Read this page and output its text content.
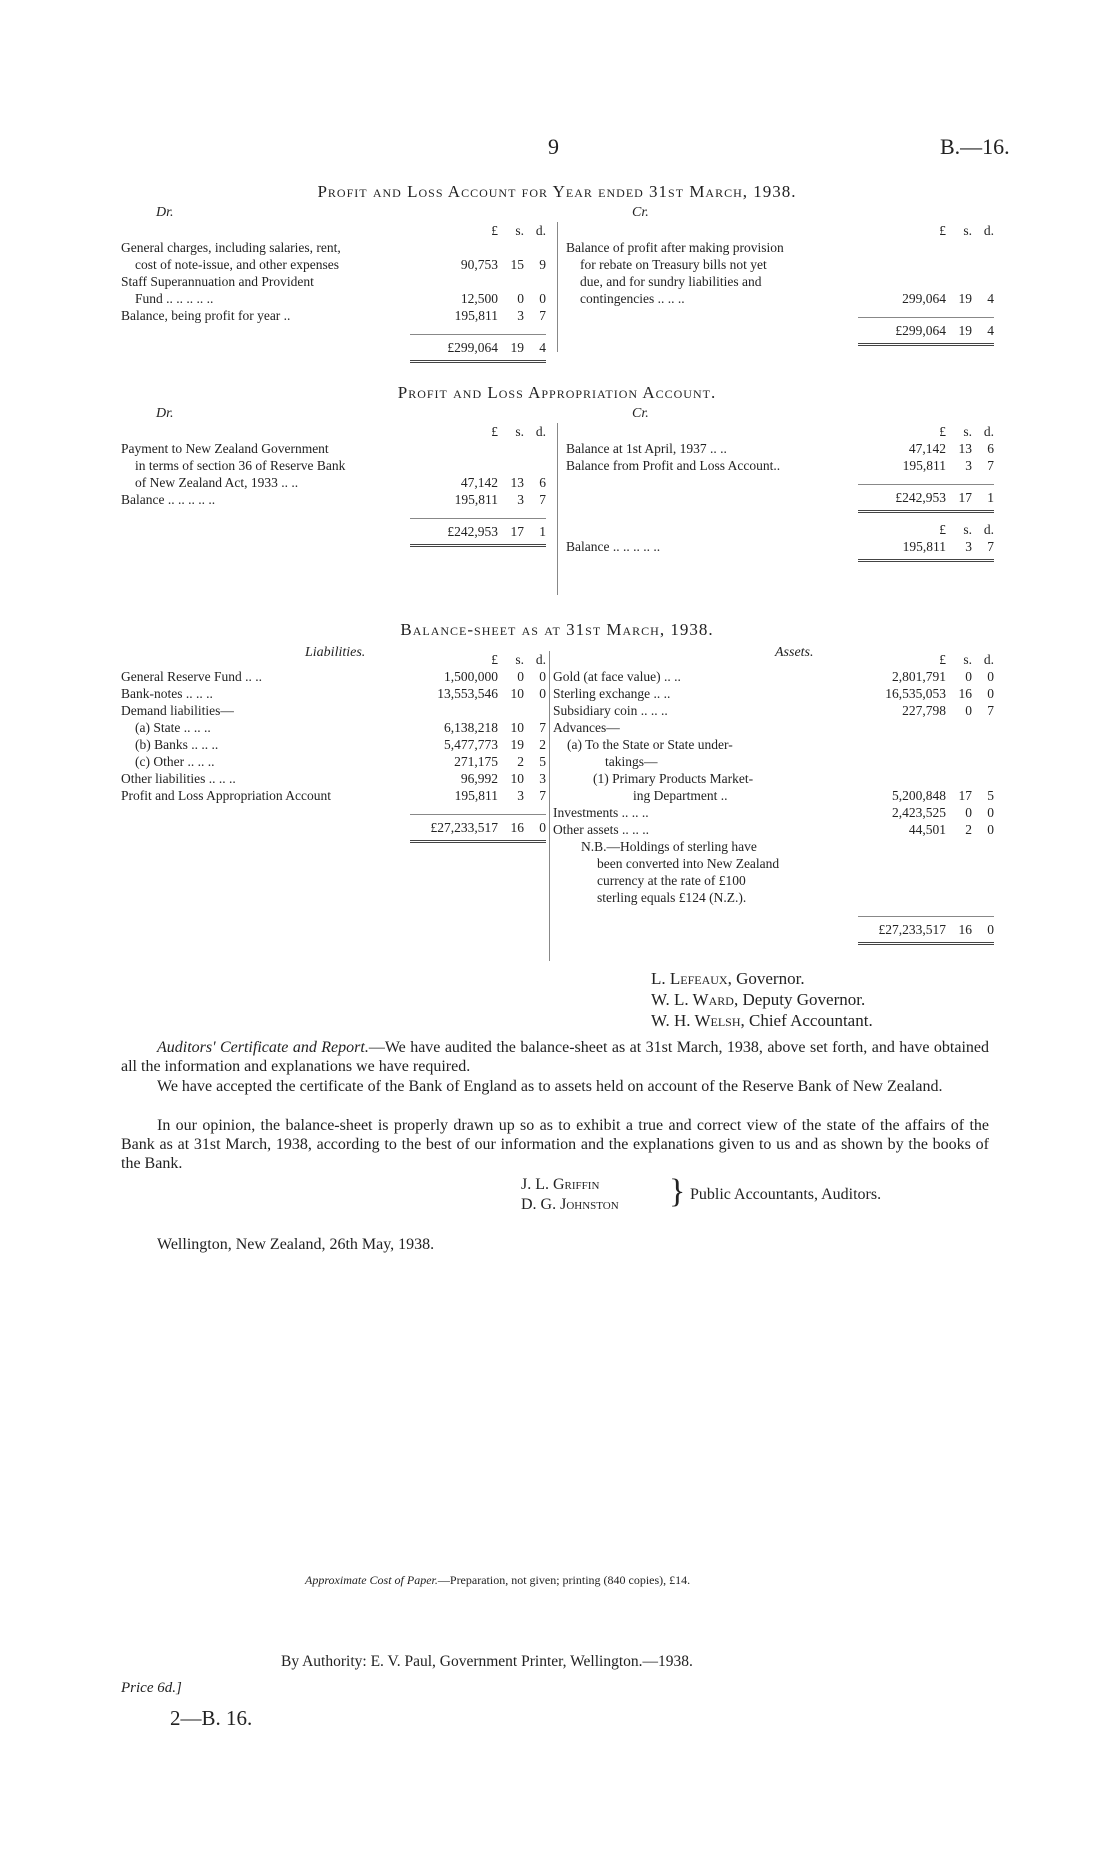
9	B.—16.
Profit and Loss Account for Year ended 31st March, 1938.
Dr.	Cr.
	£	s.	d.
General charges, including salaries, rent,			
cost of note-issue, and other expenses	90,753	15	9
Staff Superannuation and Provident			
Fund .. .. .. .. ..	12,500	0	0
Balance, being profit for year ..	195,811	3	7
	£299,064	19	4
	£	s.	d.
Balance of profit after making provision			
for rebate on Treasury bills not yet			
due, and for sundry liabilities and			
contingencies .. .. ..	299,064	19	4
	£299,064	19	4
Profit and Loss Appropriation Account.
Dr.	Cr.
	£	s.	d.
Payment to New Zealand Government			
in terms of section 36 of Reserve Bank			
of New Zealand Act, 1933 .. ..	47,142	13	6
Balance .. .. .. .. ..	195,811	3	7
	£242,953	17	1
	£	s.	d.
Balance at 1st April, 1937 .. ..	47,142	13	6
Balance from Profit and Loss Account..	195,811	3	7
	£242,953	17	1
	£	s.	d.
Balance .. .. .. .. ..	195,811	3	7
Balance-sheet as at 31st March, 1938.
Liabilities.	Assets.
	£	s.	d.
General Reserve Fund .. ..	1,500,000	0	0
Bank-notes .. .. ..	13,553,546	10	0
Demand liabilities—			
(a) State .. .. ..	6,138,218	10	7
(b) Banks .. .. ..	5,477,773	19	2
(c) Other .. .. ..	271,175	2	5
Other liabilities .. .. ..	96,992	10	3
Profit and Loss Appropriation Account	195,811	3	7
	£27,233,517	16	0
	£	s.	d.
Gold (at face value) .. ..	2,801,791	0	0
Sterling exchange .. ..	16,535,053	16	0
Subsidiary coin .. .. ..	227,798	0	7
Advances—			
(a) To the State or State under-			
takings—			
(1) Primary Products Market-			
ing Department ..	5,200,848	17	5
Investments .. .. ..	2,423,525	0	0
Other assets .. .. ..	44,501	2	0
N.B.—Holdings of sterling have			
been converted into New Zealand			
currency at the rate of £100			
sterling equals £124 (N.Z.).			
	£27,233,517	16	0
L. Lefeaux, Governor.
W. L. Ward, Deputy Governor.
W. H. Welsh, Chief Accountant.
Auditors' Certificate and Report.—We have audited the balance-sheet as at 31st March, 1938, above set forth, and have obtained all the information and explanations we have required.
We have accepted the certificate of the Bank of England as to assets held on account of the Reserve Bank of New Zealand.
In our opinion, the balance-sheet is properly drawn up so as to exhibit a true and correct view of the state of the affairs of the Bank as at 31st March, 1938, according to the best of our information and the explanations given to us and as shown by the books of the Bank.
J. L. Griffin
D. G. Johnston } Public Accountants, Auditors.
Wellington, New Zealand, 26th May, 1938.
Approximate Cost of Paper.—Preparation, not given; printing (840 copies), £14.
By Authority: E. V. Paul, Government Printer, Wellington.—1938.
Price 6d.]
2—B. 16.
